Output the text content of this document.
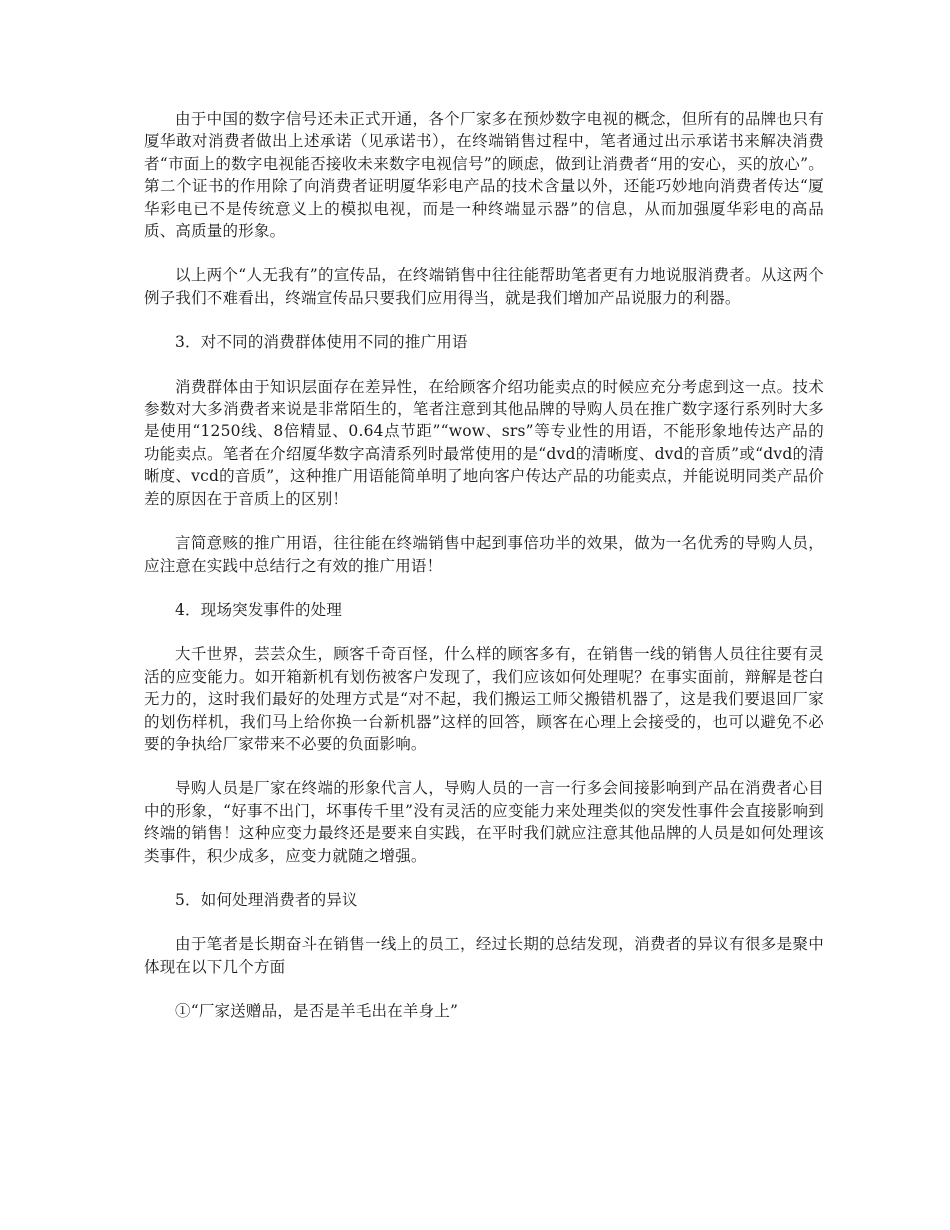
由于中国的数字信号还未正式开通，各个厂家多在预炒数字电视的概念，但所有的品牌也只有厦华敢对消费者做出上述承诺（见承诺书），在终端销售过程中，笔者通过出示承诺书来解决消费者“市面上的数字电视能否接收未来数字电视信号”的顾虑，做到让消费者“用的安心，买的放心”。第二个证书的作用除了向消费者证明厦华彩电产品的技术含量以外，还能巧妙地向消费者传达“厦华彩电已不是传统意义上的模拟电视，而是一种终端显示器”的信息，从而加强厦华彩电的高品质、高质量的形象。

以上两个“人无我有”的宣传品，在终端销售中往往能帮助笔者更有力地说服消费者。从这两个例子我们不难看出，终端宣传品只要我们应用得当，就是我们增加产品说服力的利器。

3．对不同的消费群体使用不同的推广用语

消费群体由于知识层面存在差异性，在给顾客介绍功能卖点的时候应充分考虑到这一点。技术参数对大多消费者来说是非常陌生的，笔者注意到其他品牌的导购人员在推广数字逐行系列时大多是使用“1250线、8倍精显、0.64点节距”“wow、srs”等专业性的用语，不能形象地传达产品的功能卖点。笔者在介绍厦华数字高清系列时最常使用的是“dvd的清晰度、dvd的音质”或“dvd的清晰度、vcd的音质”，这种推广用语能简单明了地向客户传达产品的功能卖点，并能说明同类产品价差的原因在于音质上的区别！

言简意赅的推广用语，往往能在终端销售中起到事倍功半的效果，做为一名优秀的导购人员，应注意在实践中总结行之有效的推广用语！

4．现场突发事件的处理

大千世界，芸芸众生，顾客千奇百怪，什么样的顾客多有，在销售一线的销售人员往往要有灵活的应变能力。如开箱新机有划伤被客户发现了，我们应该如何处理呢？在事实面前，辩解是苍白无力的，这时我们最好的处理方式是“对不起，我们搬运工师父搬错机器了，这是我们要退回厂家的划伤样机，我们马上给你换一台新机器”这样的回答，顾客在心理上会接受的，也可以避免不必要的争执给厂家带来不必要的负面影响。

导购人员是厂家在终端的形象代言人，导购人员的一言一行多会间接影响到产品在消费者心目中的形象，“好事不出门，坏事传千里”没有灵活的应变能力来处理类似的突发性事件会直接影响到终端的销售！这种应变力最终还是要来自实践，在平时我们就应注意其他品牌的人员是如何处理该类事件，积少成多，应变力就随之增强。

5．如何处理消费者的异议

由于笔者是长期奋斗在销售一线上的员工，经过长期的总结发现，消费者的异议有很多是聚中体现在以下几个方面

①“厂家送赠品，是否是羊毛出在羊身上”
